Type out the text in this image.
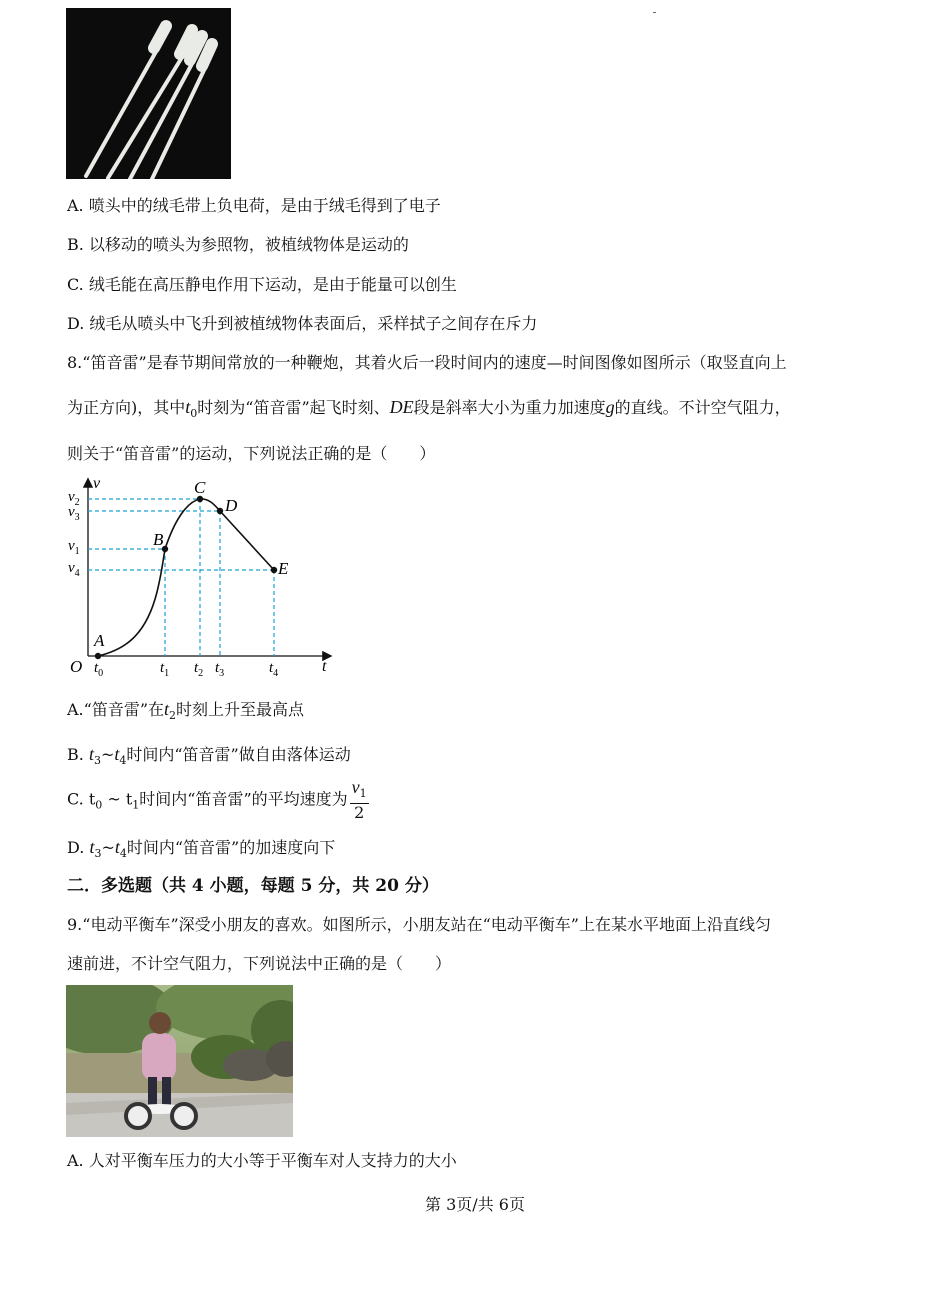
A. 喷头中的绒毛带上负电荷，是由于绒毛得到了电子
B. 以移动的喷头为参照物，被植绒物体是运动的
C. 绒毛能在高压静电作用下运动，是由于能量可以创生
D. 绒毛从喷头中飞升到被植绒物体表面后，采样拭子之间存在斥力
8.“笛音雷”是春节期间常放的一种鞭炮，其着火后一段时间内的速度—时间图像如图所示（取竖直向上
为正方向)，其中$t_0$时刻为“笛音雷”起飞时刻、DE段是斜率大小为重力加速度g的直线。不计空气阻力，
则关于“笛音雷”的运动，下列说法正确的是（　　）
A
B
C
D
E
v
t
O
$v_2$
$v_3$
$v_1$
$v_4$
$t_0$	$t_1$ $t_2$ $t_3$	$t_4$
A.“笛音雷”在$t_2$时刻上升至最高点
B. $t_3\sim t_4$时间内“笛音雷”做自由落体运动
C. $t_0$ ~ $t_1$时间内“笛音雷”的平均速度为 $\frac{v_1}{2}$
D. $t_3\sim t_4$时间内“笛音雷”的加速度向下
二．多选题（共 4 小题，每题 5 分，共 20 分）
9.“电动平衡车”深受小朋友的喜欢。如图所示，小朋友站在“电动平衡车”上在某水平地面上沿直线匀
速前进，不计空气阻力，下列说法中正确的是（　　）
A. 人对平衡车压力的大小等于平衡车对人支持力的大小
第 3页/共 6页
